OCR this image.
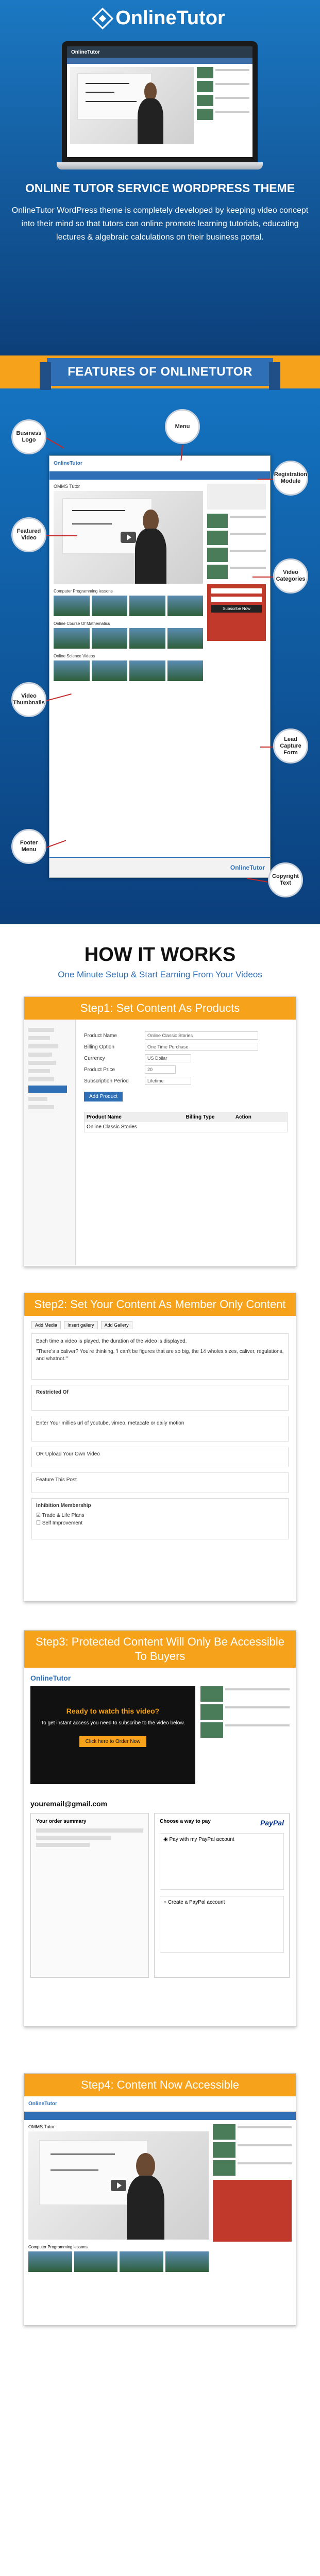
OnlineTutor
OnlineTutor
ONLINE TUTOR SERVICE WORDPRESS THEME

OnlineTutor WordPress theme is completely developed by keeping video concept into their mind so that tutors can online promote learning tutorials, educating lectures & algebraic calculations on their business portal.

FEATURES OF ONLINETUTOR
OnlineTutor
OMMS Tutor
Computer Programming lessons
Online Course Of Mathematics
Online Science Videos
Subscribe Now
OnlineTutor
Business Logo
Menu
Registration Module
Featured Video
Video Categories
Video Thumbnails
Lead Capture Form
Footer Menu
Copyright Text
HOW IT WORKS
One Minute Setup & Start Earning From Your Videos
Step1: Set Content As Products
Product Name	Online Classic Stories
Billing Option	One Time Purchase
Currency	US Dollar
Product Price	20
Subscription Period	Lifetime
Add Product
Product Name	Billing Type	Action
Online Classic Stories
Step2: Set Your Content As Member Only Content
Add Media	Insert gallery	Add Gallery

Each time a video is played, the duration of the video is displayed.

"There's a caliver? You're thinking, 'I can't be figures that are so big, the 14 wholes sizes, caliver, regulations, and whatnot.'"

Restricted Of
Enter Your millies url of youtube, vimeo, metacafe or daily motion
OR Upload Your Own Video
Feature This Post
Inhibition Membership
☑ Trade & Life Plans
☐ Self Improvement
Step3: Protected Content Will Only Be Accessible To Buyers
OnlineTutor
Ready to watch this video?
To get instant access you need to subscribe to the video below.
Click here to Order Now
youremail@gmail.com
Your order summary	Choose a way to pay	PayPal
◉ Pay with my PayPal account
○ Create a PayPal account
Step4: Content Now Accessible
OnlineTutor
OMMS Tutor
Computer Programming lessons
